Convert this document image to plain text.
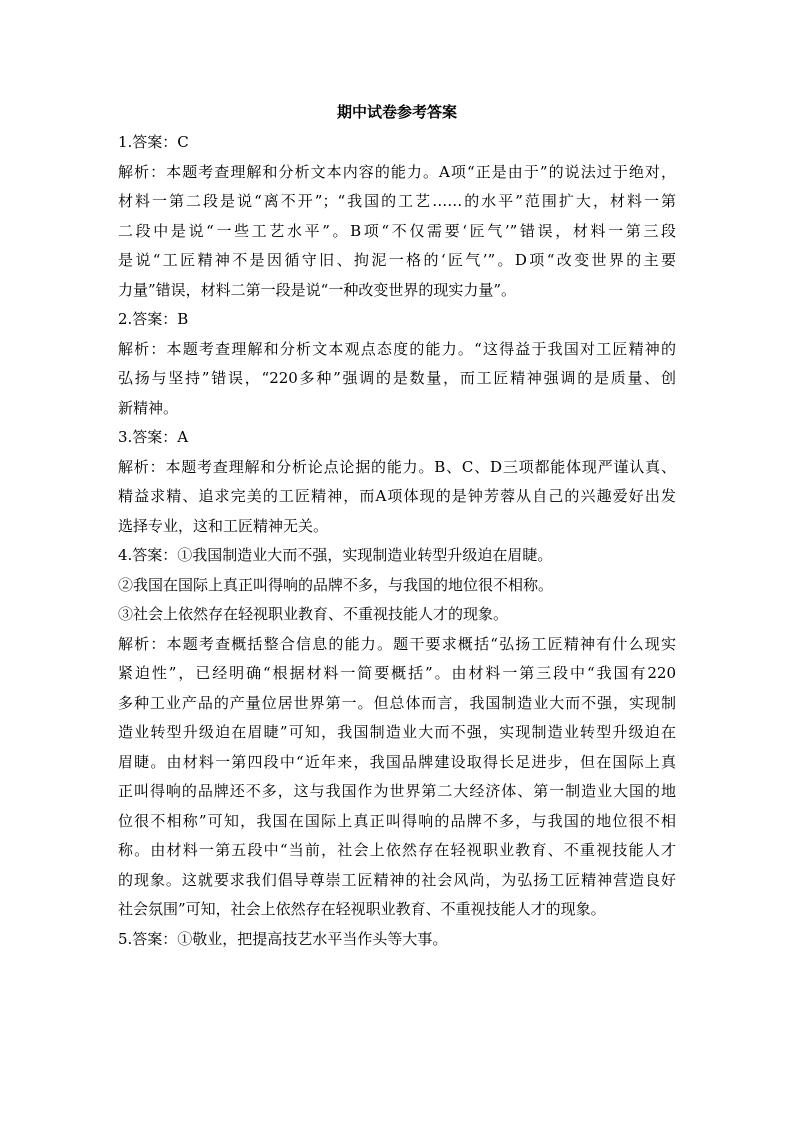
期中试卷参考答案
1.答案：C
解析：本题考查理解和分析文本内容的能力。A项“正是由于”的说法过于绝对，
材料一第二段是说“离不开”；“我国的工艺……的水平”范围扩大，材料一第
二段中是说“一些工艺水平”。B项“不仅需要‘匠气’”错误，材料一第三段
是说“工匠精神不是因循守旧、拘泥一格的‘匠气’”。D项“改变世界的主要
力量”错误，材料二第一段是说“一种改变世界的现实力量”。
2.答案：B
解析：本题考查理解和分析文本观点态度的能力。“这得益于我国对工匠精神的
弘扬与坚持”错误，“220多种”强调的是数量，而工匠精神强调的是质量、创
新精神。
3.答案：A
解析：本题考查理解和分析论点论据的能力。B、C、D三项都能体现严谨认真、
精益求精、追求完美的工匠精神，而A项体现的是钟芳蓉从自己的兴趣爱好出发
选择专业，这和工匠精神无关。
4.答案：①我国制造业大而不强，实现制造业转型升级迫在眉睫。
②我国在国际上真正叫得响的品牌不多，与我国的地位很不相称。
③社会上依然存在轻视职业教育、不重视技能人才的现象。
解析：本题考查概括整合信息的能力。题干要求概括“弘扬工匠精神有什么现实
紧迫性”，已经明确“根据材料一简要概括”。由材料一第三段中“我国有220
多种工业产品的产量位居世界第一。但总体而言，我国制造业大而不强，实现制
造业转型升级迫在眉睫”可知，我国制造业大而不强，实现制造业转型升级迫在
眉睫。由材料一第四段中“近年来，我国品牌建设取得长足进步，但在国际上真
正叫得响的品牌还不多，这与我国作为世界第二大经济体、第一制造业大国的地
位很不相称”可知，我国在国际上真正叫得响的品牌不多，与我国的地位很不相
称。由材料一第五段中“当前，社会上依然存在轻视职业教育、不重视技能人才
的现象。这就要求我们倡导尊崇工匠精神的社会风尚，为弘扬工匠精神营造良好
社会氛围”可知，社会上依然存在轻视职业教育、不重视技能人才的现象。
5.答案：①敬业，把提高技艺水平当作头等大事。
